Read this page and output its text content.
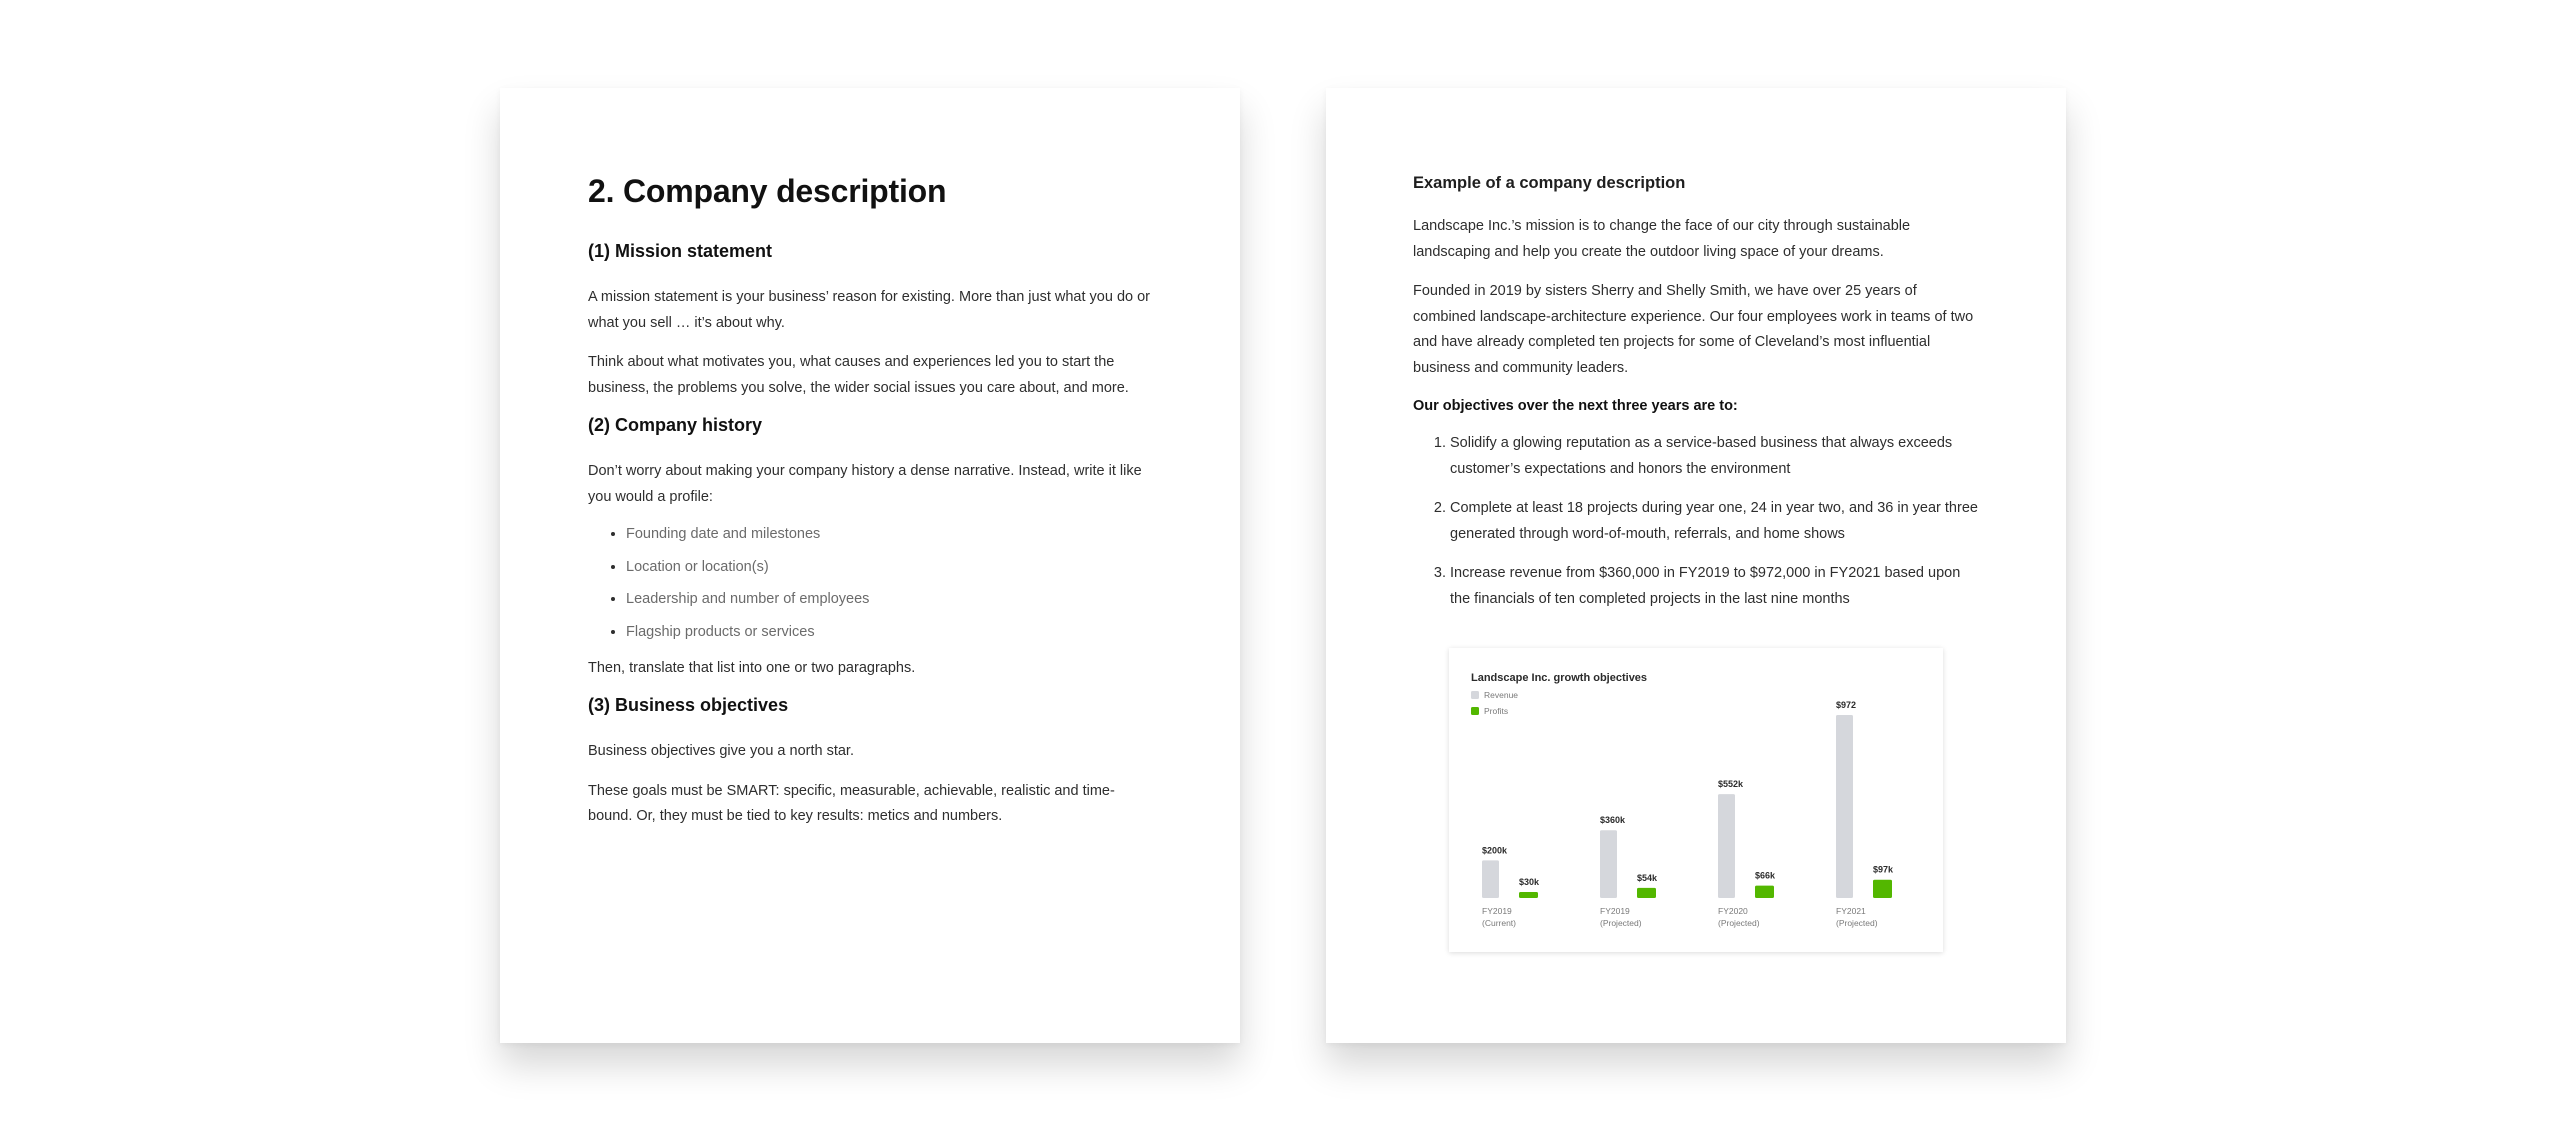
2. Company description
(1) Mission statement

A mission statement is your business’ reason for existing. More than just what you do or what you sell … it’s about why.

Think about what motivates you, what causes and experiences led you to start the business, the problems you solve, the wider social issues you care about, and more.

(2) Company history

Don’t worry about making your company history a dense narrative. Instead, write it like you would a profile:

• Founding date and milestones
• Location or location(s)
• Leadership and number of employees
• Flagship products or services

Then, translate that list into one or two paragraphs.

(3) Business objectives

Business objectives give you a north star.

These goals must be SMART: specific, measurable, achievable, realistic and time-bound. Or, they must be tied to key results: metics and numbers.

Example of a company description

Landscape Inc.’s mission is to change the face of our city through sustainable landscaping and help you create the outdoor living space of your dreams.

Founded in 2019 by sisters Sherry and Shelly Smith, we have over 25 years of combined landscape-architecture experience. Our four employees work in teams of two and have already completed ten projects for some of Cleveland’s most influential business and community leaders.

Our objectives over the next three years are to:
1. Solidify a glowing reputation as a service-based business that always exceeds customer’s expectations and honors the environment
2. Complete at least 18 projects during year one, 24 in year two, and 36 in year three generated through word-of-mouth, referrals, and home shows
3. Increase revenue from $360,000 in FY2019 to $972,000 in FY2021 based upon the financials of ten completed projects in the last nine months
Landscape Inc. growth objectives
Revenue
Profits
$200k
$30k
FY2019
(Current)
$360k
$54k
FY2019
(Projected)
$552k
$66k
FY2020
(Projected)
$972
$97k
FY2021
(Projected)
